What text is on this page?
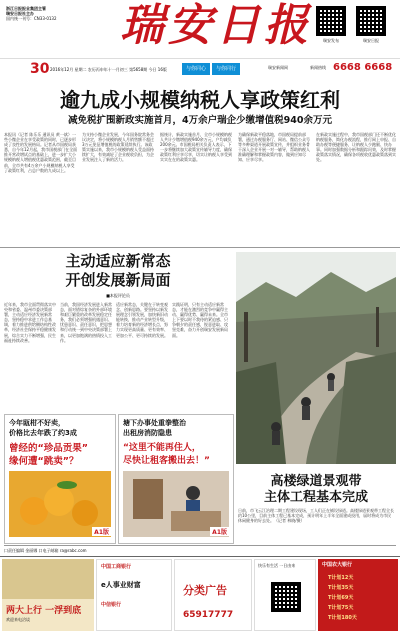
浙江日报报业集团主管
瑞安日报社主办
国内统一刊号：CN33-0132	瑞安日报	瑞安发布	瑞安日报
30 2016年12月 星期二 农历丙申年十一月初三 第5658期 今日 16版	与你同心	与你同行	瑞安新闻网	新闻热线 6668 6668
逾九成小规模纳税人享政策红利
减免税扩围新政实施首月，4万余户瑞企少缴增值税940余万元
本报讯（记者 陈乐乐 通讯员 黄一斌）一些小微企业在享受政策的同时，已逐步形成了良性的发展格局。记者从市国税局获悉，自今年12月起，我市国税部门在全面推开营改增试点的基础上，进一步扩大小规模纳税人增值税优惠政策范围，截至目前，全市共有4万余户小规模纳税人享受了政策红利，占总户数的九成以上。
为支持小微企业发展，今年国务院常务会议决定，将小规模纳税人月销售额不超过3万元免征增值税的政策延续执行。该政策实施以来，我市小规模纳税人受益面持续扩大，有效减轻了企业税收负担，为企业发展注入了新的活力。
据统计，新政实施首月，全市小规模纳税人共计少缴增值税940余万元，户均减负200余元。市国税局相关负责人表示，下一步将继续加大政策宣传辅导力度，确保政策红利应享尽享，切实让纳税人享受到实实在在的政策实惠。
为确保新政平稳落地，市国税局提前部署，通过办税服务厅、网站、微信公众号等多种渠道开展政策宣传，并组织业务骨干深入企业开展一对一辅导，帮助纳税人准确理解和掌握政策内容，做到应知尽知、应享尽享。
在新政实施过程中，我市国税部门还不断优化纳税服务，简化办税流程，推行网上申报、自助办税等便捷服务，让纳税人少跑腿、快办事。同时加强数据分析和跟踪问效，及时掌握政策落实情况，确保各项税收优惠政策落到实处。
主动适应新常态
开创发展新局面
■本报评论员
近年来，我市全面贯彻落实中央和省委、温州市委决策部署，主动适应经济发展新常态，坚持稳中求进工作总基调，着力推进供给侧结构性改革，经济社会保持平稳健康发展，综合实力不断增强，民生福祉持续改善。
当前，我国经济发展进入新常态，面对错综复杂的外部环境和艰巨繁重的改革发展稳定任务，我们必须增强机遇意识、忧患意识、责任意识，把思想和行动统一到中央决策部署上来，以更加饱满的热情投入工作。
适应新常态，关键在于转变观念、创新思路。要坚持以新发展理念引领发展，加快新旧动能转换，推动产业转型升级，着力培育新的经济增长点，努力实现更高质量、更有效率、更加公平、更可持续的发展。
实践证明，只有主动适应新常态，才能在激烈的竞争中赢得主动、赢得优势、赢得未来。全市上下要以时不我待的紧迫感、只争朝夕的责任感，锐意进取、攻坚克难，奋力开创瑞安发展新局面。
今年瓯柑不好卖，
价格比去年跌了约3成
曾经的“珍品贡果”
缘何遭“跳卖”？
A1版
塘下办事处重拳整治
出租房消防隐患
“这里不能再住人，
尽快让租客搬出去！”
A1版
高楼绿道景观带
主体工程基本完成
日前，市飞云江治理二期工程建设现场，工人们正在铺设绿道。高楼绿道景观带工程全长约10公里，目前主体工程已基本完成，预计明年上半年全面建成投用，届时将成为市民休闲健身的好去处。（记者 林晓/摄）
口责任编辑 金丽娜 口电子邮箱 ra@rabc.com
两大上行 一浮到底
欢迎来电洽谈
中国工商银行
e人事业财富
中信银行
分类广告
65917777
快乐有生活 一日由来	中国农大银行
T计划12天
T计划35天
T计划69天
T计划75天
T计划180天
